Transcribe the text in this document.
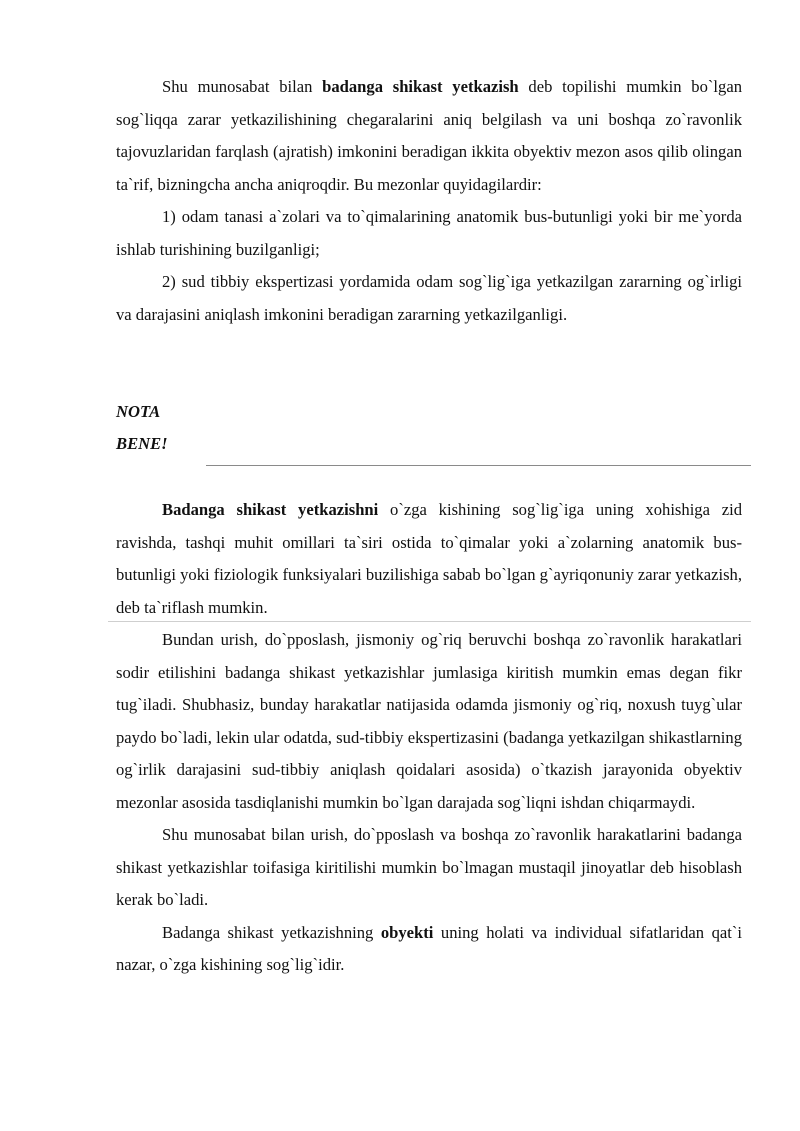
Shu munosabat bilan badanga shikast yetkazish deb topilishi mumkin bo`lgan sog`liqqa zarar yetkazilishining chegaralarini aniq belgilash va uni boshqa zo`ravonlik tajovuzlaridan farqlash (ajratish) imkonini beradigan ikkita obyektiv mezon asos qilib olingan ta`rif, bizningcha ancha aniqroqdir. Bu mezonlar quyidagilardir:

1) odam tanasi a`zolari va to`qimalarining anatomik bus-butunligi yoki bir me`yorda ishlab turishining buzilganligi;

2) sud tibbiy ekspertizasi yordamida odam sog`lig`iga yetkazilgan zararning og`irligi va darajasini aniqlash imkonini beradigan zararning yetkazilganligi.

NOTA
BENE!

Badanga shikast yetkazishni o`zga kishining sog`lig`iga uning xohishiga zid ravishda, tashqi muhit omillari ta`siri ostida to`qimalar yoki a`zolarning anatomik bus-butunligi yoki fiziologik funksiyalari buzilishiga sabab bo`lgan g`ayriqonuniy zarar yetkazish, deb ta`riflash mumkin.

Bundan urish, do`pposlash, jismoniy og`riq beruvchi boshqa zo`ravonlik harakatlari sodir etilishini badanga shikast yetkazishlar jumlasiga kiritish mumkin emas degan fikr tug`iladi. Shubhasiz, bunday harakatlar natijasida odamda jismoniy og`riq, noxush tuyg`ular paydo bo`ladi, lekin ular odatda, sud-tibbiy ekspertizasini (badanga yetkazilgan shikastlarning og`irlik darajasini sud-tibbiy aniqlash qoidalari asosida) o`tkazish jarayonida obyektiv mezonlar asosida tasdiqlanishi mumkin bo`lgan darajada sog`liqni ishdan chiqarmaydi.

Shu munosabat bilan urish, do`pposlash va boshqa zo`ravonlik harakatlarini badanga shikast yetkazishlar toifasiga kiritilishi mumkin bo`lmagan mustaqil jinoyatlar deb hisoblash kerak bo`ladi.

Badanga shikast yetkazishning obyekti uning holati va individual sifatlaridan qat`i nazar, o`zga kishining sog`lig`idir.
